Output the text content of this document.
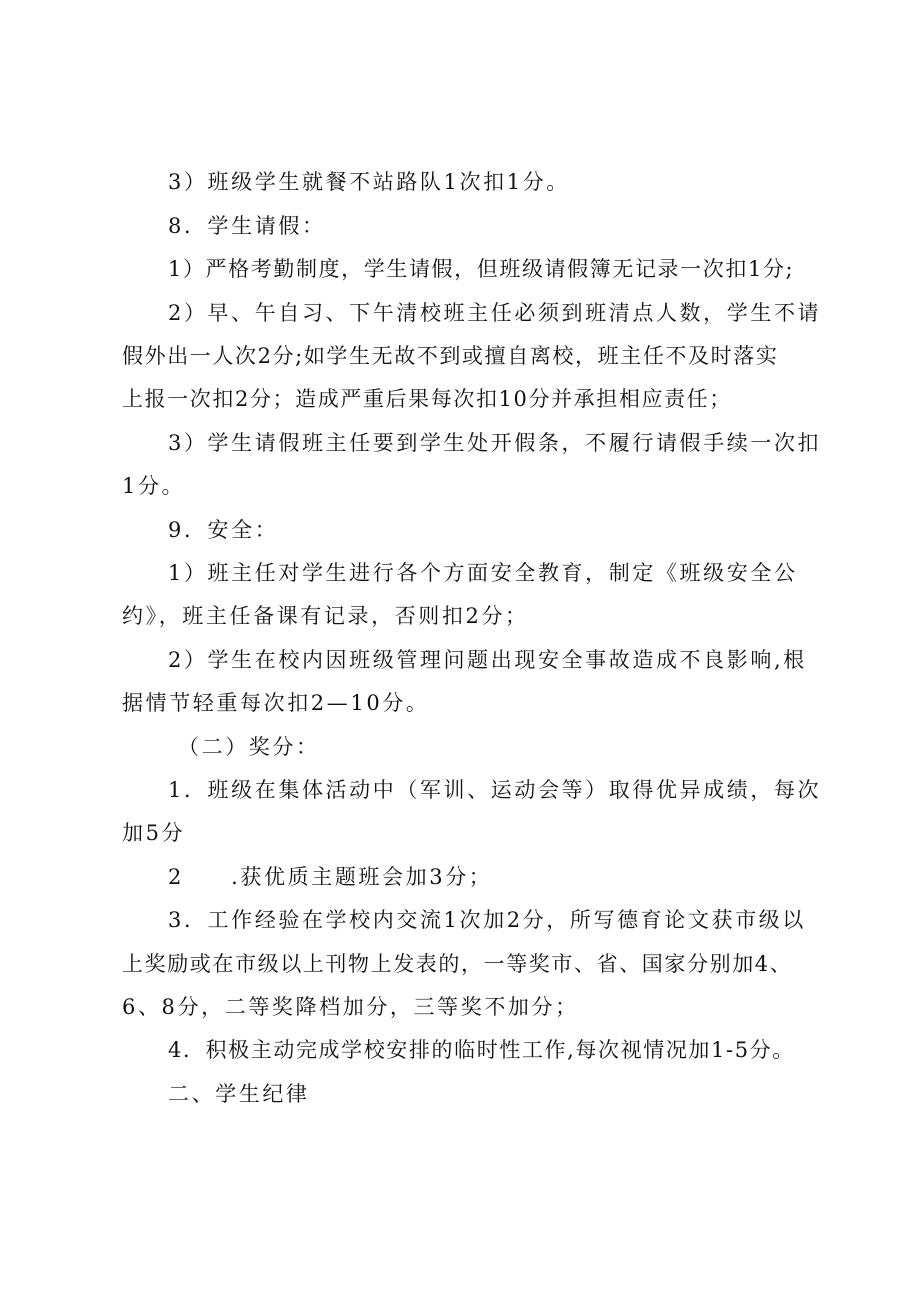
3）班级学生就餐不站路队1次扣1分。

8．学生请假：

1）严格考勤制度，学生请假，但班级请假簿无记录一次扣1分;

2）早、午自习、下午清校班主任必须到班清点人数，学生不请

假外出一人次2分;如学生无故不到或擅自离校，班主任不及时落实

上报一次扣2分；造成严重后果每次扣10分并承担相应责任；

3）学生请假班主任要到学生处开假条，不履行请假手续一次扣

1分。

9．安全：

1）班主任对学生进行各个方面安全教育，制定《班级安全公

约》，班主任备课有记录，否则扣2分；

2）学生在校内因班级管理问题出现安全事故造成不良影响,根

据情节轻重每次扣2—10分。

（二）奖分：

1．班级在集体活动中（军训、运动会等）取得优异成绩，每次

加5分

2　　.获优质主题班会加3分；

3．工作经验在学校内交流1次加2分，所写德育论文获市级以

上奖励或在市级以上刊物上发表的，一等奖市、省、国家分别加4、

6、8分，二等奖降档加分，三等奖不加分；

4．积极主动完成学校安排的临时性工作,每次视情况加1-5分。

二、学生纪律
